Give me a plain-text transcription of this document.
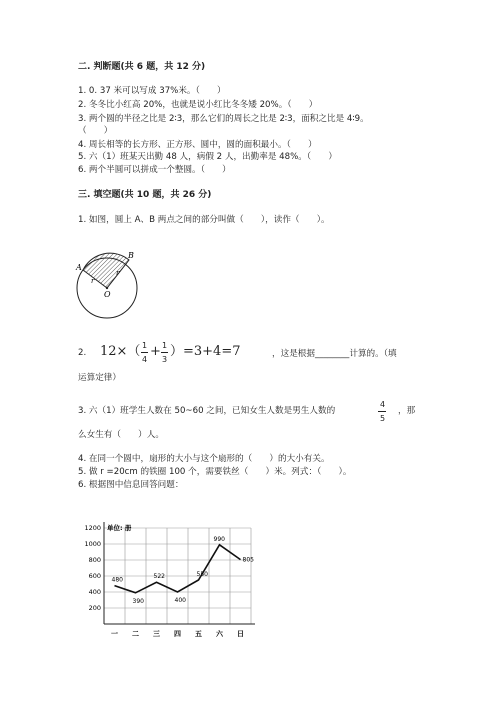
二. 判断题(共 6 题，共 12 分)
1. 0. 37 米可以写成 37%米。（　　）
2. 冬冬比小红高 20%，也就是说小红比冬冬矮 20%。（　　）
3. 两个圆的半径之比是 2∶3，那么它们的周长之比是 2∶3，面积之比是 4∶9。
（　　）
4. 周长相等的长方形、正方形、圆中，圆的面积最小。（　　）
5. 六（1）班某天出勤 48 人，病假 2 人，出勤率是 48%。（　　）
6. 两个半圆可以拼成一个整圆。（　　）
三. 填空题(共 10 题，共 26 分)
1. 如图，圆上 A、B 两点之间的部分叫做（　　），读作（　　）。
A
B
O
r
r
2. 12×（ 1
4
+ 1
3
）=3+4=7	，这是根据________计算的。（填
运算定律）
3. 六（1）班学生人数在 50~60 之间，已知女生人数是男生人数的
4
5
，那
么女生有（　　）人。
4. 在同一个圆中，扇形的大小与这个扇形的（　　）的大小有关。
5. 做 r =20cm 的铁圈 100 个，需要铁丝（　　）米。列式：（　　）。
6. 根据图中信息回答问题：
单位: 册
200
400
600
800
1000
1200
一 二 三 四 五 六 日
480
390
522
400
550
990
805
